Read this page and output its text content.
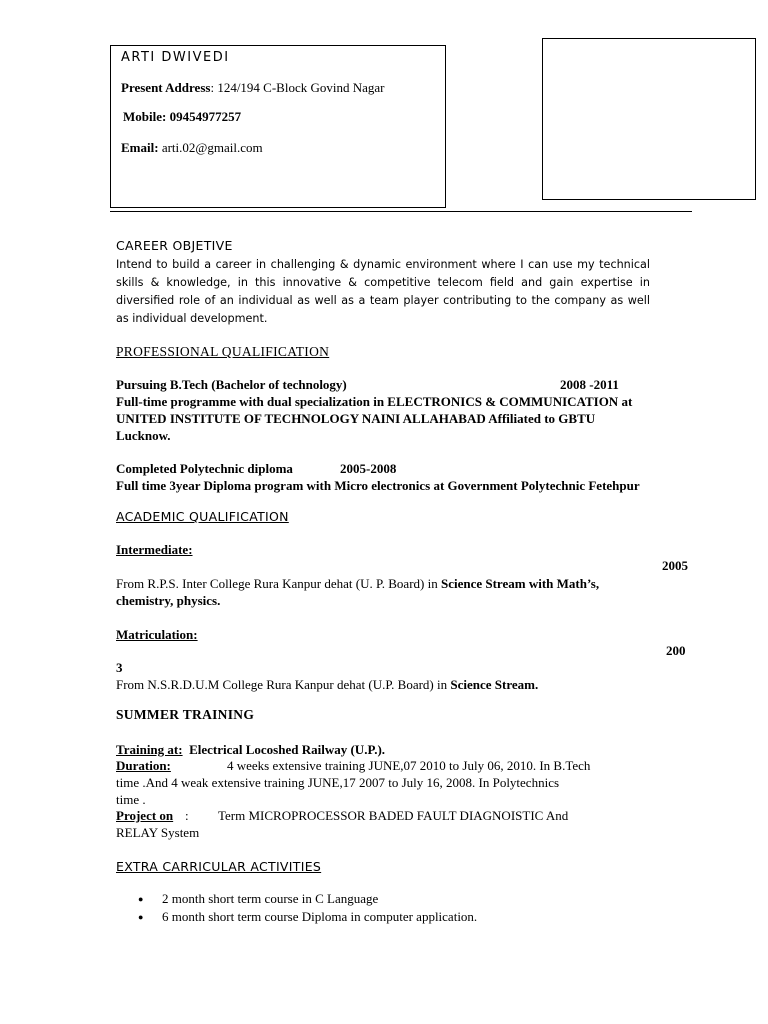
ARTI DWIVEDI
Present Address: 124/194 C-Block Govind Nagar
Mobile: 09454977257
Email: arti.02@gmail.com
CAREER OBJETIVE
Intend to build a career in challenging & dynamic environment where I can use my technical skills & knowledge, in this innovative & competitive telecom field and gain expertise in diversified role of an individual as well as a team player contributing to the company as well as individual development.
PROFESSIONAL QUALIFICATION
Pursuing B.Tech (Bachelor of technology)	2008 -2011
Full-time programme with dual specialization in ELECTRONICS & COMMUNICATION at
UNITED INSTITUTE OF TECHNOLOGY NAINI ALLAHABAD Affiliated to GBTU
Lucknow.
Completed Polytechnic diploma	2005-2008
Full time 3year Diploma program with Micro electronics at Government Polytechnic Fetehpur
ACADEMIC QUALIFICATION
Intermediate:
2005
From R.P.S. Inter College Rura Kanpur dehat (U. P. Board) in Science Stream with Math’s,
chemistry, physics.
Matriculation:
200
3
From N.S.R.D.U.M College Rura Kanpur dehat (U.P. Board) in Science Stream.
SUMMER TRAINING
Training at: Electrical Locoshed Railway (U.P.).
Duration:	4 weeks extensive training JUNE,07 2010 to July 06, 2010. In B.Tech
time .And 4 weak extensive training JUNE,17 2007 to July 16, 2008. In Polytechnics
time .
Project on : Term MICROPROCESSOR BADED FAULT DIAGNOISTIC And
RELAY System
EXTRA CARRICULAR ACTIVITIES
● 2 month short term course in C Language
● 6 month short term course Diploma in computer application.
